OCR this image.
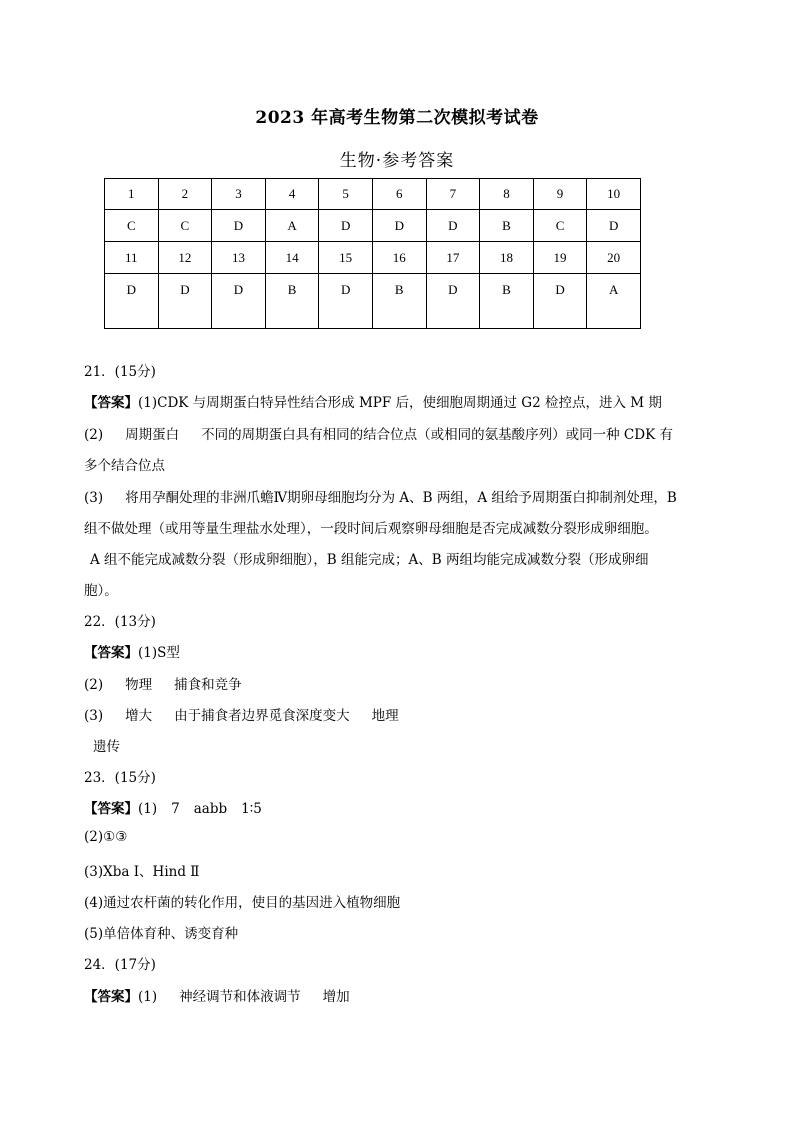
2023 年高考生物第二次模拟考试卷
生物·参考答案
1	2	3	4	5	6	7	8	9	10
C	C	D	A	D	D	D	B	C	D
11	12	13	14	15	16	17	18	19	20
D	D	D	B	D	B	D	B	D	A
21．(15分)
【答案】(1)CDK 与周期蛋白特异性结合形成 MPF 后，使细胞周期通过 G2 检控点，进入 M 期
(2) 周期蛋白 不同的周期蛋白具有相同的结合位点（或相同的氨基酸序列）或同一种 CDK 有
多个结合位点
(3) 将用孕酮处理的非洲爪蟾Ⅳ期卵母细胞均分为 A、B 两组，A 组给予周期蛋白抑制剂处理，B
组不做处理（或用等量生理盐水处理），一段时间后观察卵母细胞是否完成减数分裂形成卵细胞。
A 组不能完成减数分裂（形成卵细胞），B 组能完成；A、B 两组均能完成减数分裂（形成卵细
胞）。
22．(13分)
【答案】(1)S型
(2) 物理 捕食和竞争
(3) 增大 由于捕食者边界觅食深度变大 地理
遗传
23．(15分)
【答案】(1) 7 aabb 1∶5
(2)①③
(3)Xba Ⅰ、Hind Ⅱ
(4)通过农杆菌的转化作用，使目的基因进入植物细胞
(5)单倍体育种、诱变育种
24．(17分)
【答案】(1) 神经调节和体液调节 增加
